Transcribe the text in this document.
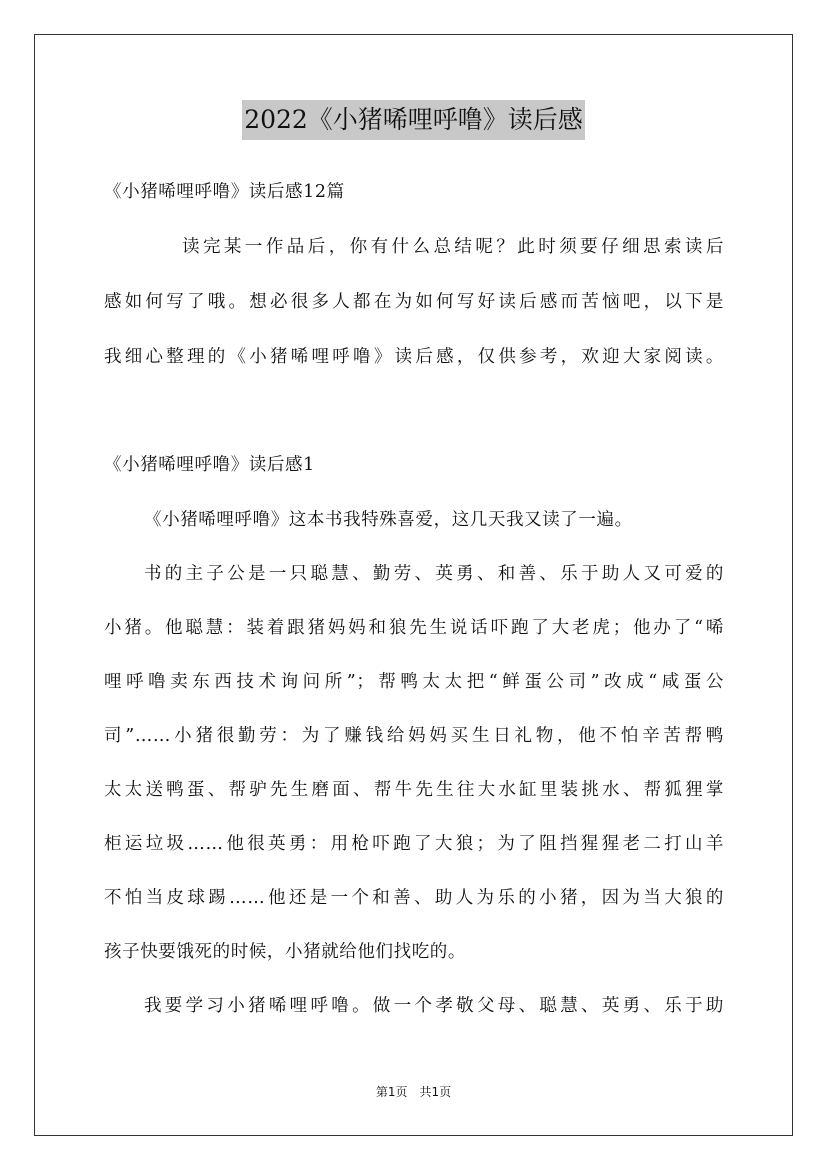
2022《小猪唏哩呼噜》读后感
《小猪唏哩呼噜》读后感12篇
读完某一作品后，你有什么总结呢？此时须要仔细思索读后
感如何写了哦。想必很多人都在为如何写好读后感而苦恼吧，以下是
我细心整理的《小猪唏哩呼噜》读后感，仅供参考，欢迎大家阅读。
《小猪唏哩呼噜》读后感1
《小猪唏哩呼噜》这本书我特殊喜爱，这几天我又读了一遍。
书的主子公是一只聪慧、勤劳、英勇、和善、乐于助人又可爱的
小猪。他聪慧：装着跟猪妈妈和狼先生说话吓跑了大老虎；他办了“唏
哩呼噜卖东西技术询问所”；帮鸭太太把“鲜蛋公司”改成“咸蛋公
司”……小猪很勤劳：为了赚钱给妈妈买生日礼物，他不怕辛苦帮鸭
太太送鸭蛋、帮驴先生磨面、帮牛先生往大水缸里装挑水、帮狐狸掌
柜运垃圾……他很英勇：用枪吓跑了大狼；为了阻挡猩猩老二打山羊
不怕当皮球踢……他还是一个和善、助人为乐的小猪，因为当大狼的
孩子快要饿死的时候，小猪就给他们找吃的。
我要学习小猪唏哩呼噜。做一个孝敬父母、聪慧、英勇、乐于助
第1页　共1页
